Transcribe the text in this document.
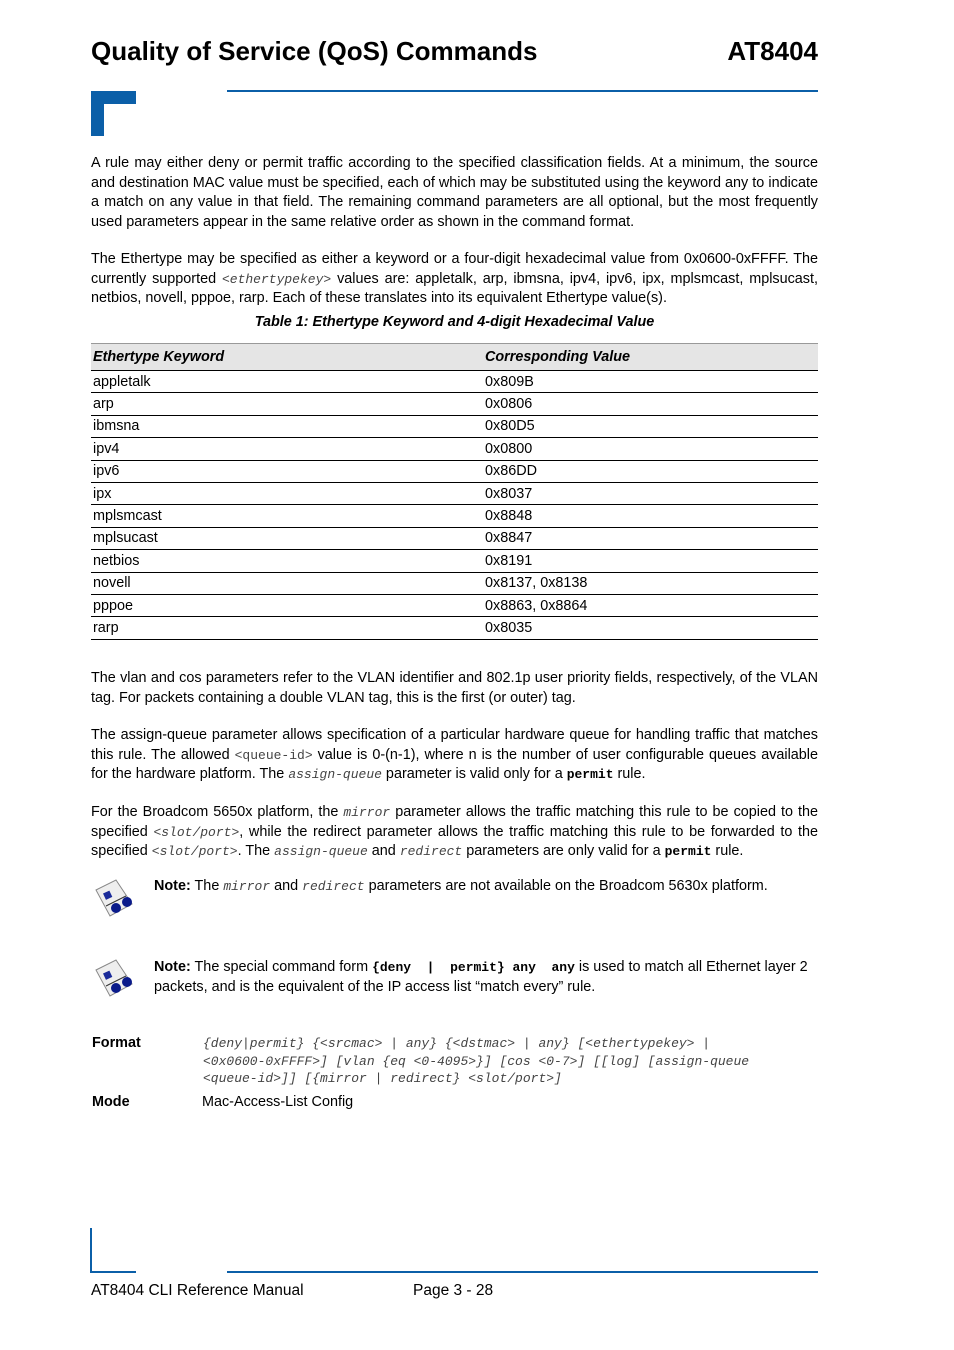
Quality of Service (QoS) Commands	AT8404

A rule may either deny or permit traffic according to the specified classification fields. At a minimum, the source and destination MAC value must be specified, each of which may be substituted using the keyword any to indicate a match on any value in that field. The remaining command parameters are all optional, but the most frequently used parameters appear in the same relative order as shown in the command format.

The Ethertype may be specified as either a keyword or a four-digit hexadecimal value from 0x0600-0xFFFF. The currently supported <ethertypekey> values are: appletalk, arp, ibmsna, ipv4, ipv6, ipx, mplsmcast, mplsucast, netbios, novell, pppoe, rarp. Each of these translates into its equivalent Ethertype value(s).

Table 1: Ethertype Keyword and 4-digit Hexadecimal Value
Ethertype Keyword	Corresponding Value
appletalk	0x809B
arp	0x0806
ibmsna	0x80D5
ipv4	0x0800
ipv6	0x86DD
ipx	0x8037
mplsmcast	0x8848
mplsucast	0x8847
netbios	0x8191
novell	0x8137, 0x8138
pppoe	0x8863, 0x8864
rarp	0x8035

The vlan and cos parameters refer to the VLAN identifier and 802.1p user priority fields, respectively, of the VLAN tag. For packets containing a double VLAN tag, this is the first (or outer) tag.

The assign-queue parameter allows specification of a particular hardware queue for handling traffic that matches this rule. The allowed <queue-id> value is 0-(n-1), where n is the number of user configurable queues available for the hardware platform. The assign-queue parameter is valid only for a permit rule.

For the Broadcom 5650x platform, the mirror parameter allows the traffic matching this rule to be copied to the specified <slot/port>, while the redirect parameter allows the traffic matching this rule to be forwarded to the specified <slot/port>. The assign-queue and redirect parameters are only valid for a permit rule.

Note: The mirror and redirect parameters are not available on the Broadcom 5630x platform.

Note: The special command form {deny  |  permit} any  any is used to match all Ethernet layer 2 packets, and is the equivalent of the IP access list “match every” rule.

Format	{deny|permit} {<srcmac> | any} {<dstmac> | any} [<ethertypekey> |
<0x0600-0xFFFF>] [vlan {eq <0-4095>}] [cos <0-7>] [[log] [assign-queue
<queue-id>]] [{mirror | redirect} <slot/port>]
Mode	Mac-Access-List Config
AT8404 CLI Reference Manual	Page 3 - 28
